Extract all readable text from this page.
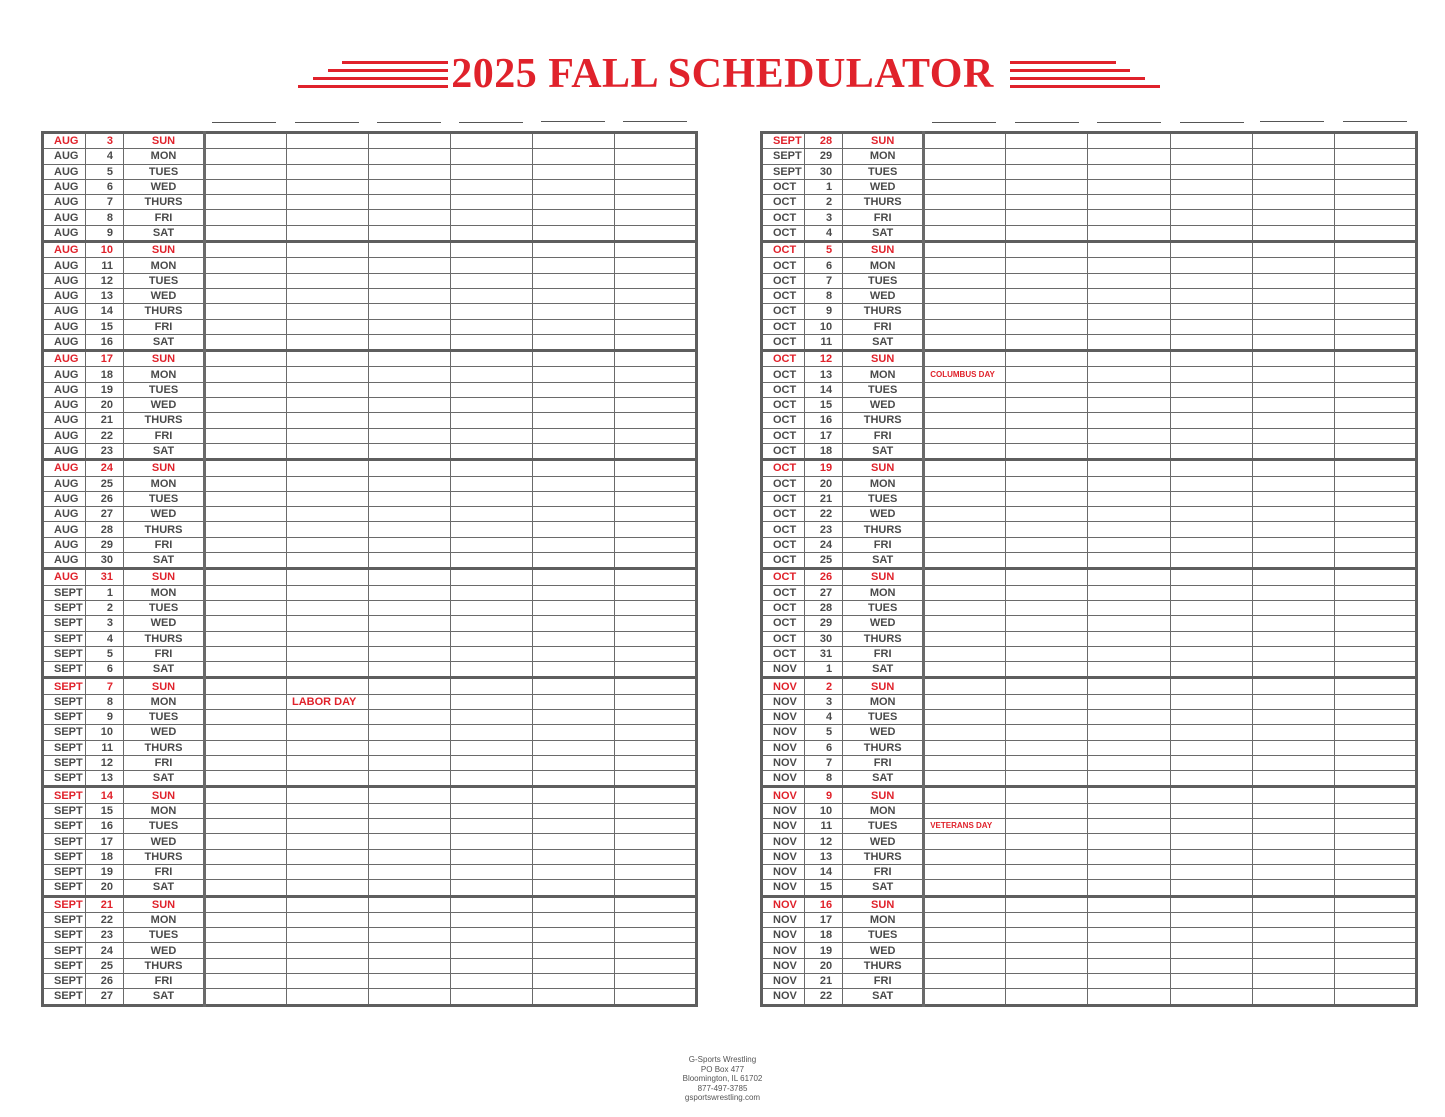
2025 FALL SCHEDULATOR
AUG	3	SUN						
AUG	4	MON						
AUG	5	TUES						
AUG	6	WED						
AUG	7	THURS						
AUG	8	FRI						
AUG	9	SAT						
AUG	10	SUN						
AUG	11	MON						
AUG	12	TUES						
AUG	13	WED						
AUG	14	THURS						
AUG	15	FRI						
AUG	16	SAT						
AUG	17	SUN						
AUG	18	MON						
AUG	19	TUES						
AUG	20	WED						
AUG	21	THURS						
AUG	22	FRI						
AUG	23	SAT						
AUG	24	SUN						
AUG	25	MON						
AUG	26	TUES						
AUG	27	WED						
AUG	28	THURS						
AUG	29	FRI						
AUG	30	SAT						
AUG	31	SUN						
SEPT	1	MON						
SEPT	2	TUES						
SEPT	3	WED						
SEPT	4	THURS						
SEPT	5	FRI						
SEPT	6	SAT						
SEPT	7	SUN						
SEPT	8	MON		LABOR DAY				
SEPT	9	TUES						
SEPT	10	WED						
SEPT	11	THURS						
SEPT	12	FRI						
SEPT	13	SAT						
SEPT	14	SUN						
SEPT	15	MON						
SEPT	16	TUES						
SEPT	17	WED						
SEPT	18	THURS						
SEPT	19	FRI						
SEPT	20	SAT						
SEPT	21	SUN						
SEPT	22	MON						
SEPT	23	TUES						
SEPT	24	WED						
SEPT	25	THURS						
SEPT	26	FRI						
SEPT	27	SAT						
SEPT	28	SUN						
SEPT	29	MON						
SEPT	30	TUES						
OCT	1	WED						
OCT	2	THURS						
OCT	3	FRI						
OCT	4	SAT						
OCT	5	SUN						
OCT	6	MON						
OCT	7	TUES						
OCT	8	WED						
OCT	9	THURS						
OCT	10	FRI						
OCT	11	SAT						
OCT	12	SUN						
OCT	13	MON	COLUMBUS DAY					
OCT	14	TUES						
OCT	15	WED						
OCT	16	THURS						
OCT	17	FRI						
OCT	18	SAT						
OCT	19	SUN						
OCT	20	MON						
OCT	21	TUES						
OCT	22	WED						
OCT	23	THURS						
OCT	24	FRI						
OCT	25	SAT						
OCT	26	SUN						
OCT	27	MON						
OCT	28	TUES						
OCT	29	WED						
OCT	30	THURS						
OCT	31	FRI						
NOV	1	SAT						
NOV	2	SUN						
NOV	3	MON						
NOV	4	TUES						
NOV	5	WED						
NOV	6	THURS						
NOV	7	FRI						
NOV	8	SAT						
NOV	9	SUN						
NOV	10	MON						
NOV	11	TUES	VETERANS DAY					
NOV	12	WED						
NOV	13	THURS						
NOV	14	FRI						
NOV	15	SAT						
NOV	16	SUN						
NOV	17	MON						
NOV	18	TUES						
NOV	19	WED						
NOV	20	THURS						
NOV	21	FRI						
NOV	22	SAT						
G-Sports Wrestling
PO Box 477
Bloomington, IL 61702
877-497-3785
gsportswrestling.com
